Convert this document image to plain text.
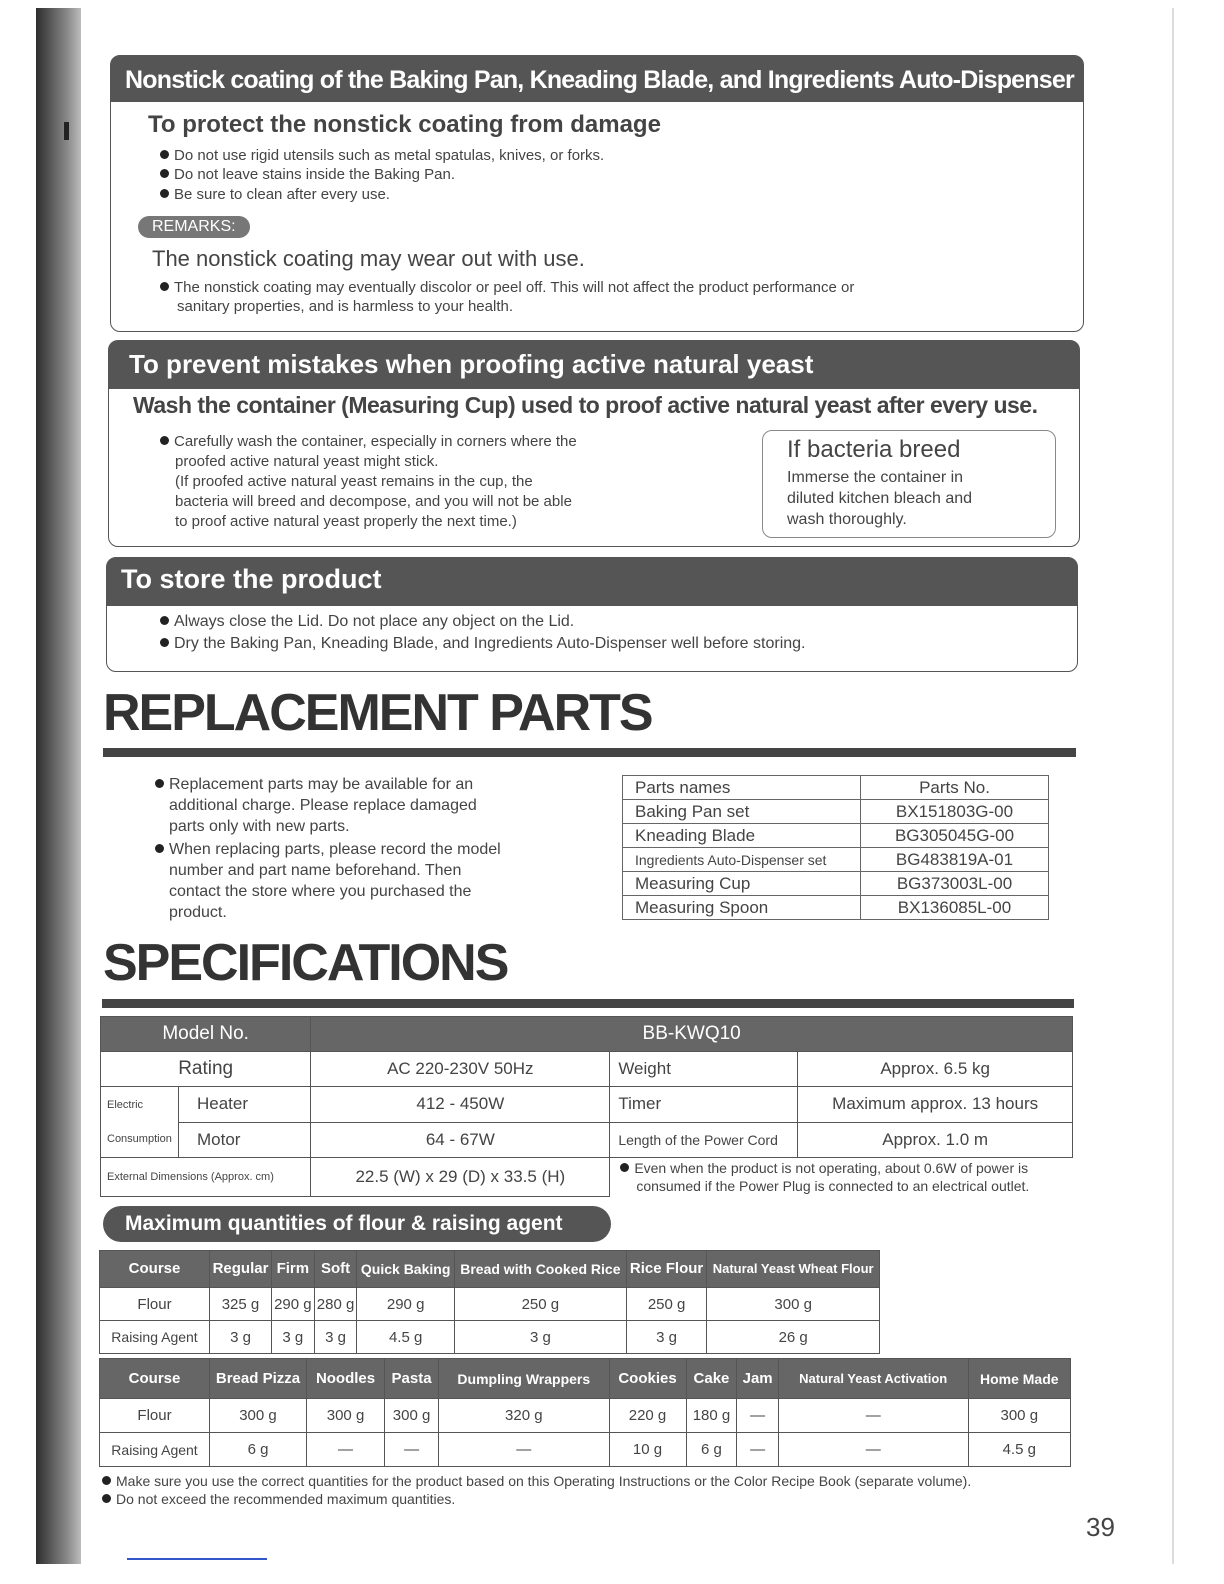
Nonstick coating of the Baking Pan, Kneading Blade, and Ingredients Auto-Dispenser
To protect the nonstick coating from damage
Do not use rigid utensils such as metal spatulas, knives, or forks.
Do not leave stains inside the Baking Pan.
Be sure to clean after every use.
REMARKS:
The nonstick coating may wear out with use.
The nonstick coating may eventually discolor or peel off. This will not affect the product performance or
sanitary properties, and is harmless to your health.
To prevent mistakes when proofing active natural yeast
Wash the container (Measuring Cup) used to proof active natural yeast after every use.
Carefully wash the container, especially in corners where the
proofed active natural yeast might stick.
(If proofed active natural yeast remains in the cup, the
bacteria will breed and decompose, and you will not be able
to proof active natural yeast properly the next time.)
If bacteria breed
Immerse the container in
diluted kitchen bleach and
wash thoroughly.
To store the product
Always close the Lid. Do not place any object on the Lid.
Dry the Baking Pan, Kneading Blade, and Ingredients Auto-Dispenser well before storing.
REPLACEMENT PARTS
Replacement parts may be available for an
additional charge. Please replace damaged
parts only with new parts.
When replacing parts, please record the model
number and part name beforehand. Then
contact the store where you purchased the
product.
Parts names	Parts No.
Baking Pan set	BX151803G-00
Kneading Blade	BG305045G-00
Ingredients Auto-Dispenser set	BG483819A-01
Measuring Cup	BG373003L-00
Measuring Spoon	BX136085L-00
SPECIFICATIONS
Model No.		BB-KWQ10		
Rating		AC 220-230V 50Hz	Weight	Approx. 6.5 kg

Electric
Consumption	Heater	412 - 450W	Timer	Maximum approx. 13 hours
	Motor	64 - 67W	Length of the Power Cord	Approx. 1.0 m
External Dimensions (Approx. cm)		22.5 (W) x 29 (D) x 33.5 (H)	Even when the product is not operating, about 0.6W of power is
consumed if the Power Plug is connected to an electrical outlet.	
Maximum quantities of flour & raising agent
Course	Regular	Firm	Soft	Quick Baking	Bread with Cooked Rice	Rice Flour	Natural Yeast Wheat Flour
Flour	325 g	290 g	280 g	290 g	250 g	250 g	300 g
Raising Agent	3 g	3 g	3 g	4.5 g	3 g	3 g	26 g
Course	Bread Pizza	Noodles	Pasta	Dumpling Wrappers	Cookies	Cake	Jam	Natural Yeast Activation	Home Made
Flour	300 g	300 g	300 g	320 g	220 g	180 g	—	—	300 g
Raising Agent	6 g	—	—	—	10 g	6 g	—	—	4.5 g
Make sure you use the correct quantities for the product based on this Operating Instructions or the Color Recipe Book (separate volume).
Do not exceed the recommended maximum quantities.
39
